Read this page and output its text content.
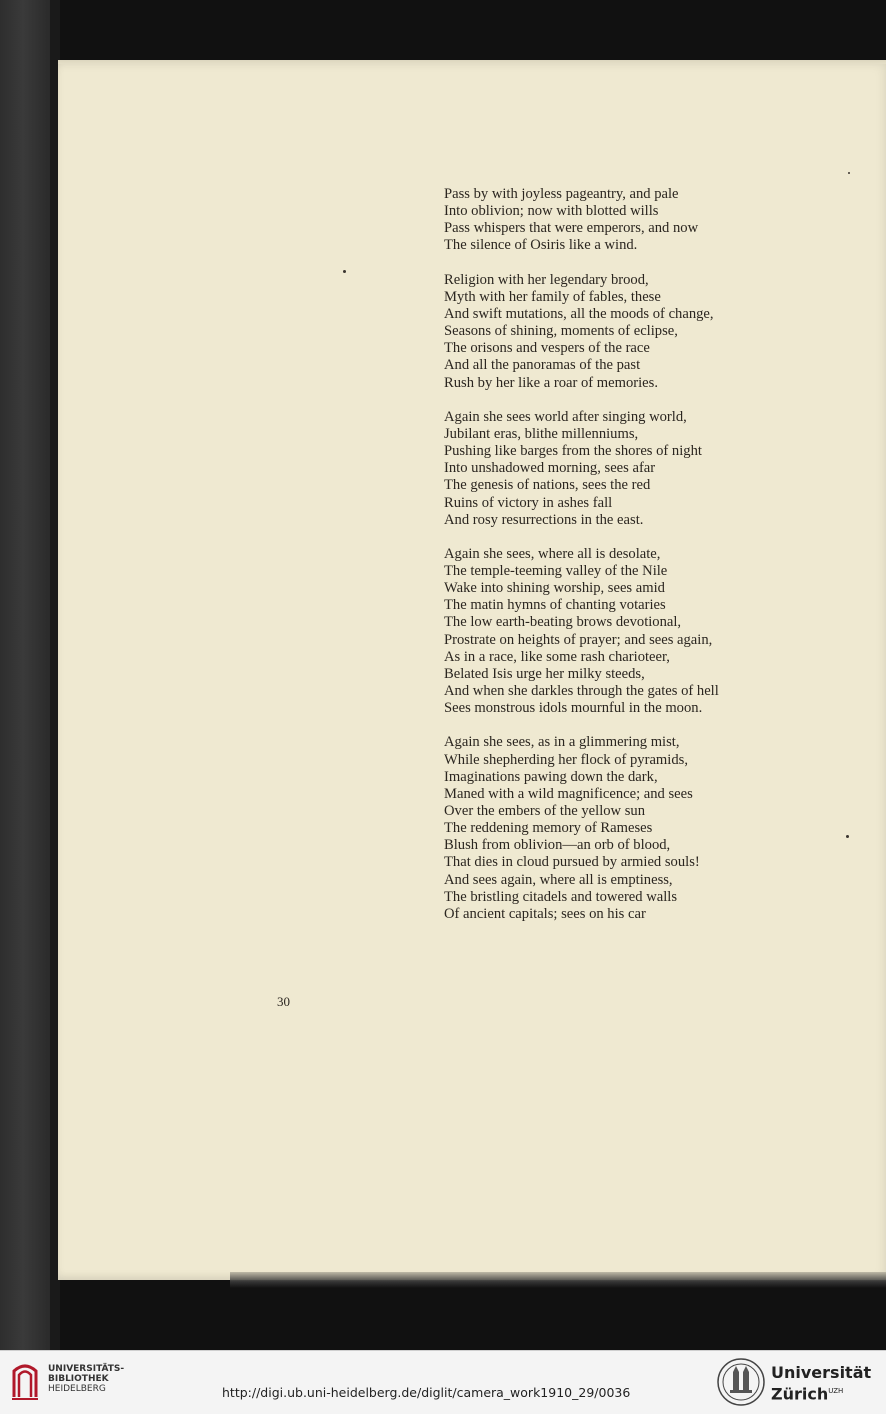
Pass by with joyless pageantry, and pale
Into oblivion; now with blotted wills
Pass whispers that were emperors, and now
The silence of Osiris like a wind.
Religion with her legendary brood,
Myth with her family of fables, these
And swift mutations, all the moods of change,
Seasons of shining, moments of eclipse,
The orisons and vespers of the race
And all the panoramas of the past
Rush by her like a roar of memories.
Again she sees world after singing world,
Jubilant eras, blithe millenniums,
Pushing like barges from the shores of night
Into unshadowed morning, sees afar
The genesis of nations, sees the red
Ruins of victory in ashes fall
And rosy resurrections in the east.
Again she sees, where all is desolate,
The temple-teeming valley of the Nile
Wake into shining worship, sees amid
The matin hymns of chanting votaries
The low earth-beating brows devotional,
Prostrate on heights of prayer; and sees again,
As in a race, like some rash charioteer,
Belated Isis urge her milky steeds,
And when she darkles through the gates of hell
Sees monstrous idols mournful in the moon.
Again she sees, as in a glimmering mist,
While shepherding her flock of pyramids,
Imaginations pawing down the dark,
Maned with a wild magnificence; and sees
Over the embers of the yellow sun
The reddening memory of Rameses
Blush from oblivion—an orb of blood,
That dies in cloud pursued by armied souls!
And sees again, where all is emptiness,
The bristling citadels and towered walls
Of ancient capitals; sees on his car
30
UNIVERSITÄTS-
BIBLIOTHEK
HEIDELBERG	http://digi.ub.uni-heidelberg.de/diglit/camera_work1910_29/0036
Universität
Zürich$^{UZH}$
